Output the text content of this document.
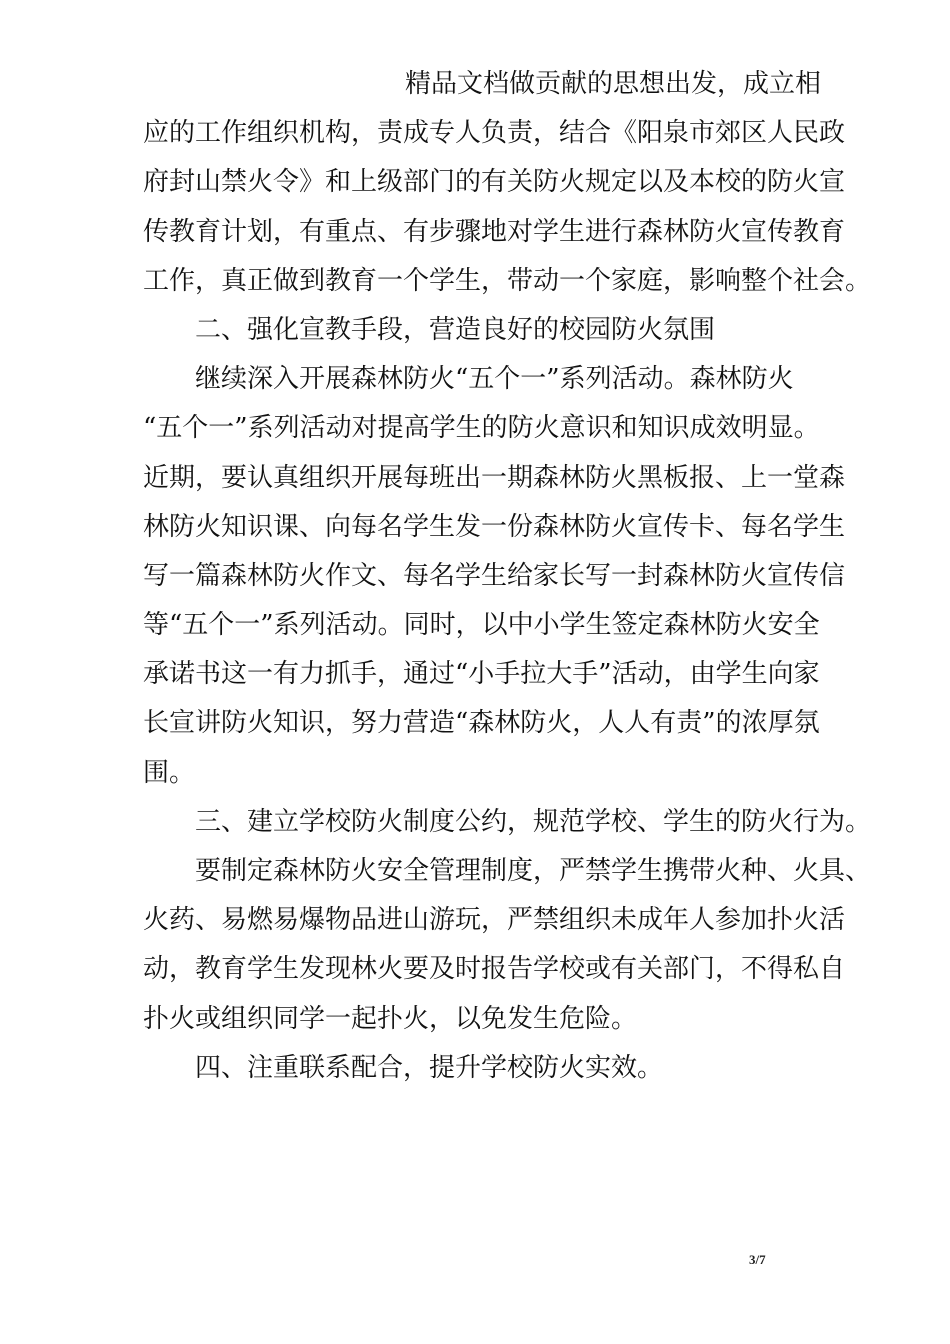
精品文档做贡献的思想出发，成立相
应的工作组织机构，责成专人负责，结合《阳泉市郊区人民政
府封山禁火令》和上级部门的有关防火规定以及本校的防火宣
传教育计划，有重点、有步骤地对学生进行森林防火宣传教育
工作，真正做到教育一个学生，带动一个家庭，影响整个社会。
二、强化宣教手段，营造良好的校园防火氛围
继续深入开展森林防火“五个一”系列活动。森林防火
“五个一”系列活动对提高学生的防火意识和知识成效明显。
近期，要认真组织开展每班出一期森林防火黑板报、上一堂森
林防火知识课、向每名学生发一份森林防火宣传卡、每名学生
写一篇森林防火作文、每名学生给家长写一封森林防火宣传信
等“五个一”系列活动。同时，以中小学生签定森林防火安全
承诺书这一有力抓手，通过“小手拉大手”活动，由学生向家
长宣讲防火知识，努力营造“森林防火，人人有责”的浓厚氛
围。
三、建立学校防火制度公约，规范学校、学生的防火行为。
要制定森林防火安全管理制度，严禁学生携带火种、火具、
火药、易燃易爆物品进山游玩，严禁组织未成年人参加扑火活
动，教育学生发现林火要及时报告学校或有关部门，不得私自
扑火或组织同学一起扑火，以免发生危险。
四、注重联系配合，提升学校防火实效。
3/7
